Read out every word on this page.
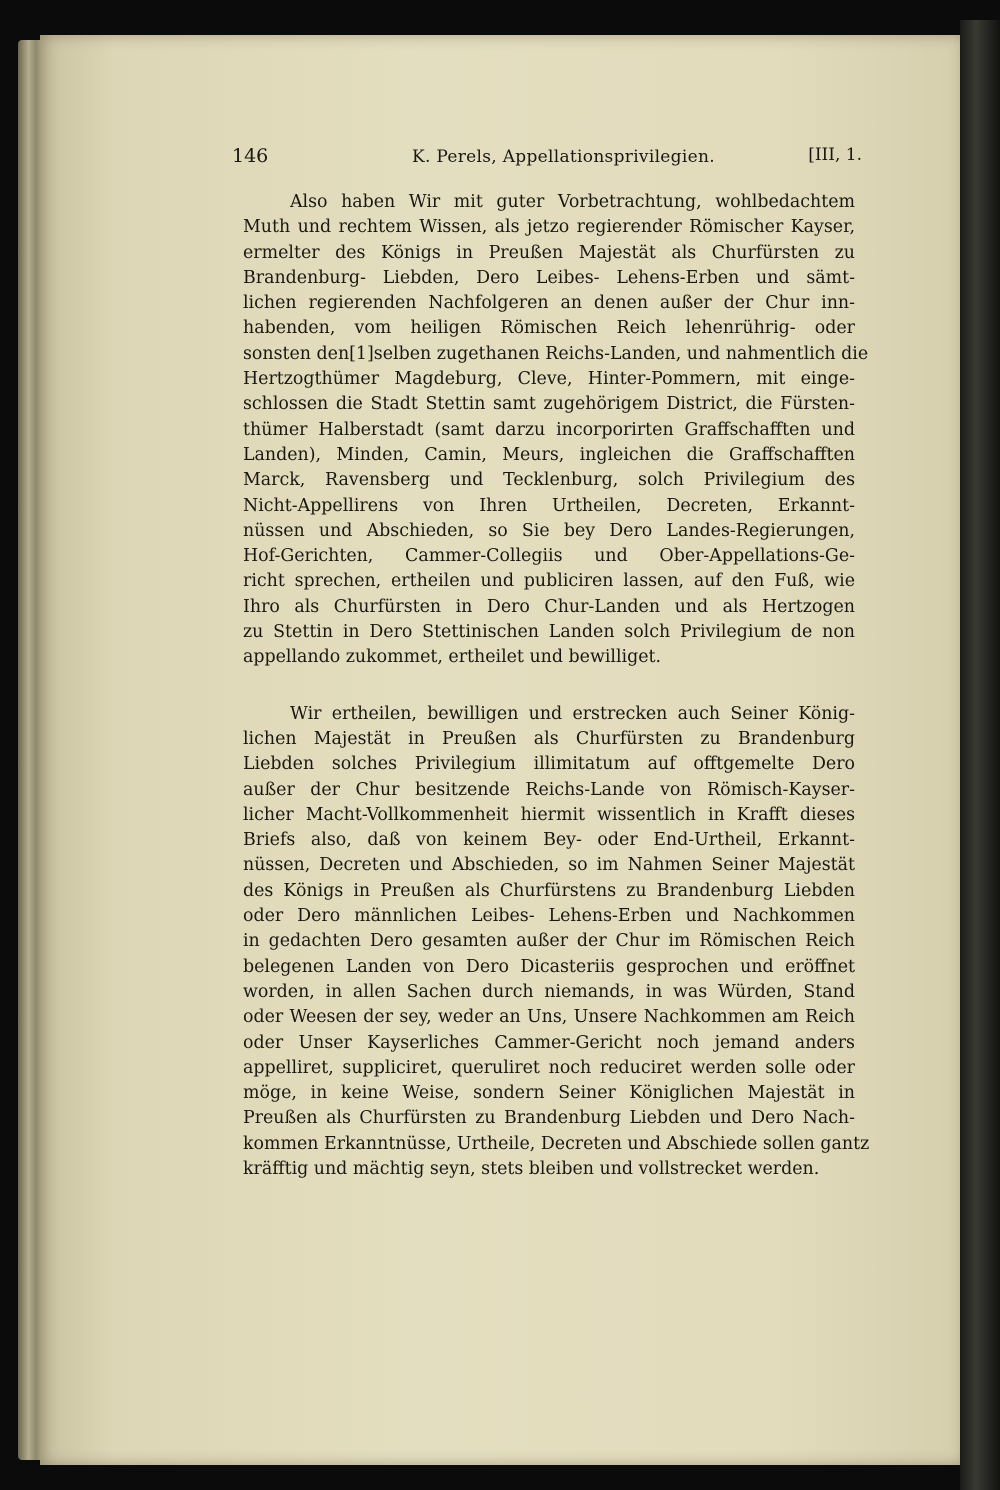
146	K. Perels, Appellationsprivilegien.	[III, 1.
Also haben Wir mit guter Vorbetrachtung, wohlbedachtem
Muth und rechtem Wissen, als jetzo regierender Römischer Kayser,
ermelter des Königs in Preußen Majestät als Churfürsten zu
Brandenburg- Liebden, Dero Leibes- Lehens-Erben und sämt-
lichen regierenden Nachfolgeren an denen außer der Chur inn-
habenden, vom heiligen Römischen Reich lehenrührig- oder
sonsten den[1]selben zugethanen Reichs-Landen, und nahmentlich die
Hertzogthümer Magdeburg, Cleve, Hinter-Pommern, mit einge-
schlossen die Stadt Stettin samt zugehörigem District, die Fürsten-
thümer Halberstadt (samt darzu incorporirten Graffschafften und
Landen), Minden, Camin, Meurs, ingleichen die Graffschafften
Marck, Ravensberg und Tecklenburg, solch Privilegium des
Nicht-Appellirens von Ihren Urtheilen, Decreten, Erkannt-
nüssen und Abschieden, so Sie bey Dero Landes-Regierungen,
Hof-Gerichten, Cammer-Collegiis und Ober-Appellations-Ge-
richt sprechen, ertheilen und publiciren lassen, auf den Fuß, wie
Ihro als Churfürsten in Dero Chur-Landen und als Hertzogen
zu Stettin in Dero Stettinischen Landen solch Privilegium de non
appellando zukommet, ertheilet und bewilliget.
Wir ertheilen, bewilligen und erstrecken auch Seiner König-
lichen Majestät in Preußen als Churfürsten zu Brandenburg
Liebden solches Privilegium illimitatum auf offtgemelte Dero
außer der Chur besitzende Reichs-Lande von Römisch-Kayser-
licher Macht-Vollkommenheit hiermit wissentlich in Krafft dieses
Briefs also, daß von keinem Bey- oder End-Urtheil, Erkannt-
nüssen, Decreten und Abschieden, so im Nahmen Seiner Majestät
des Königs in Preußen als Churfürstens zu Brandenburg Liebden
oder Dero männlichen Leibes- Lehens-Erben und Nachkommen
in gedachten Dero gesamten außer der Chur im Römischen Reich
belegenen Landen von Dero Dicasteriis gesprochen und eröffnet
worden, in allen Sachen durch niemands, in was Würden, Stand
oder Weesen der sey, weder an Uns, Unsere Nachkommen am Reich
oder Unser Kayserliches Cammer-Gericht noch jemand anders
appelliret, suppliciret, queruliret noch reduciret werden solle oder
möge, in keine Weise, sondern Seiner Königlichen Majestät in
Preußen als Churfürsten zu Brandenburg Liebden und Dero Nach-
kommen Erkanntnüsse, Urtheile, Decreten und Abschiede sollen gantz
kräfftig und mächtig seyn, stets bleiben und vollstrecket werden.
